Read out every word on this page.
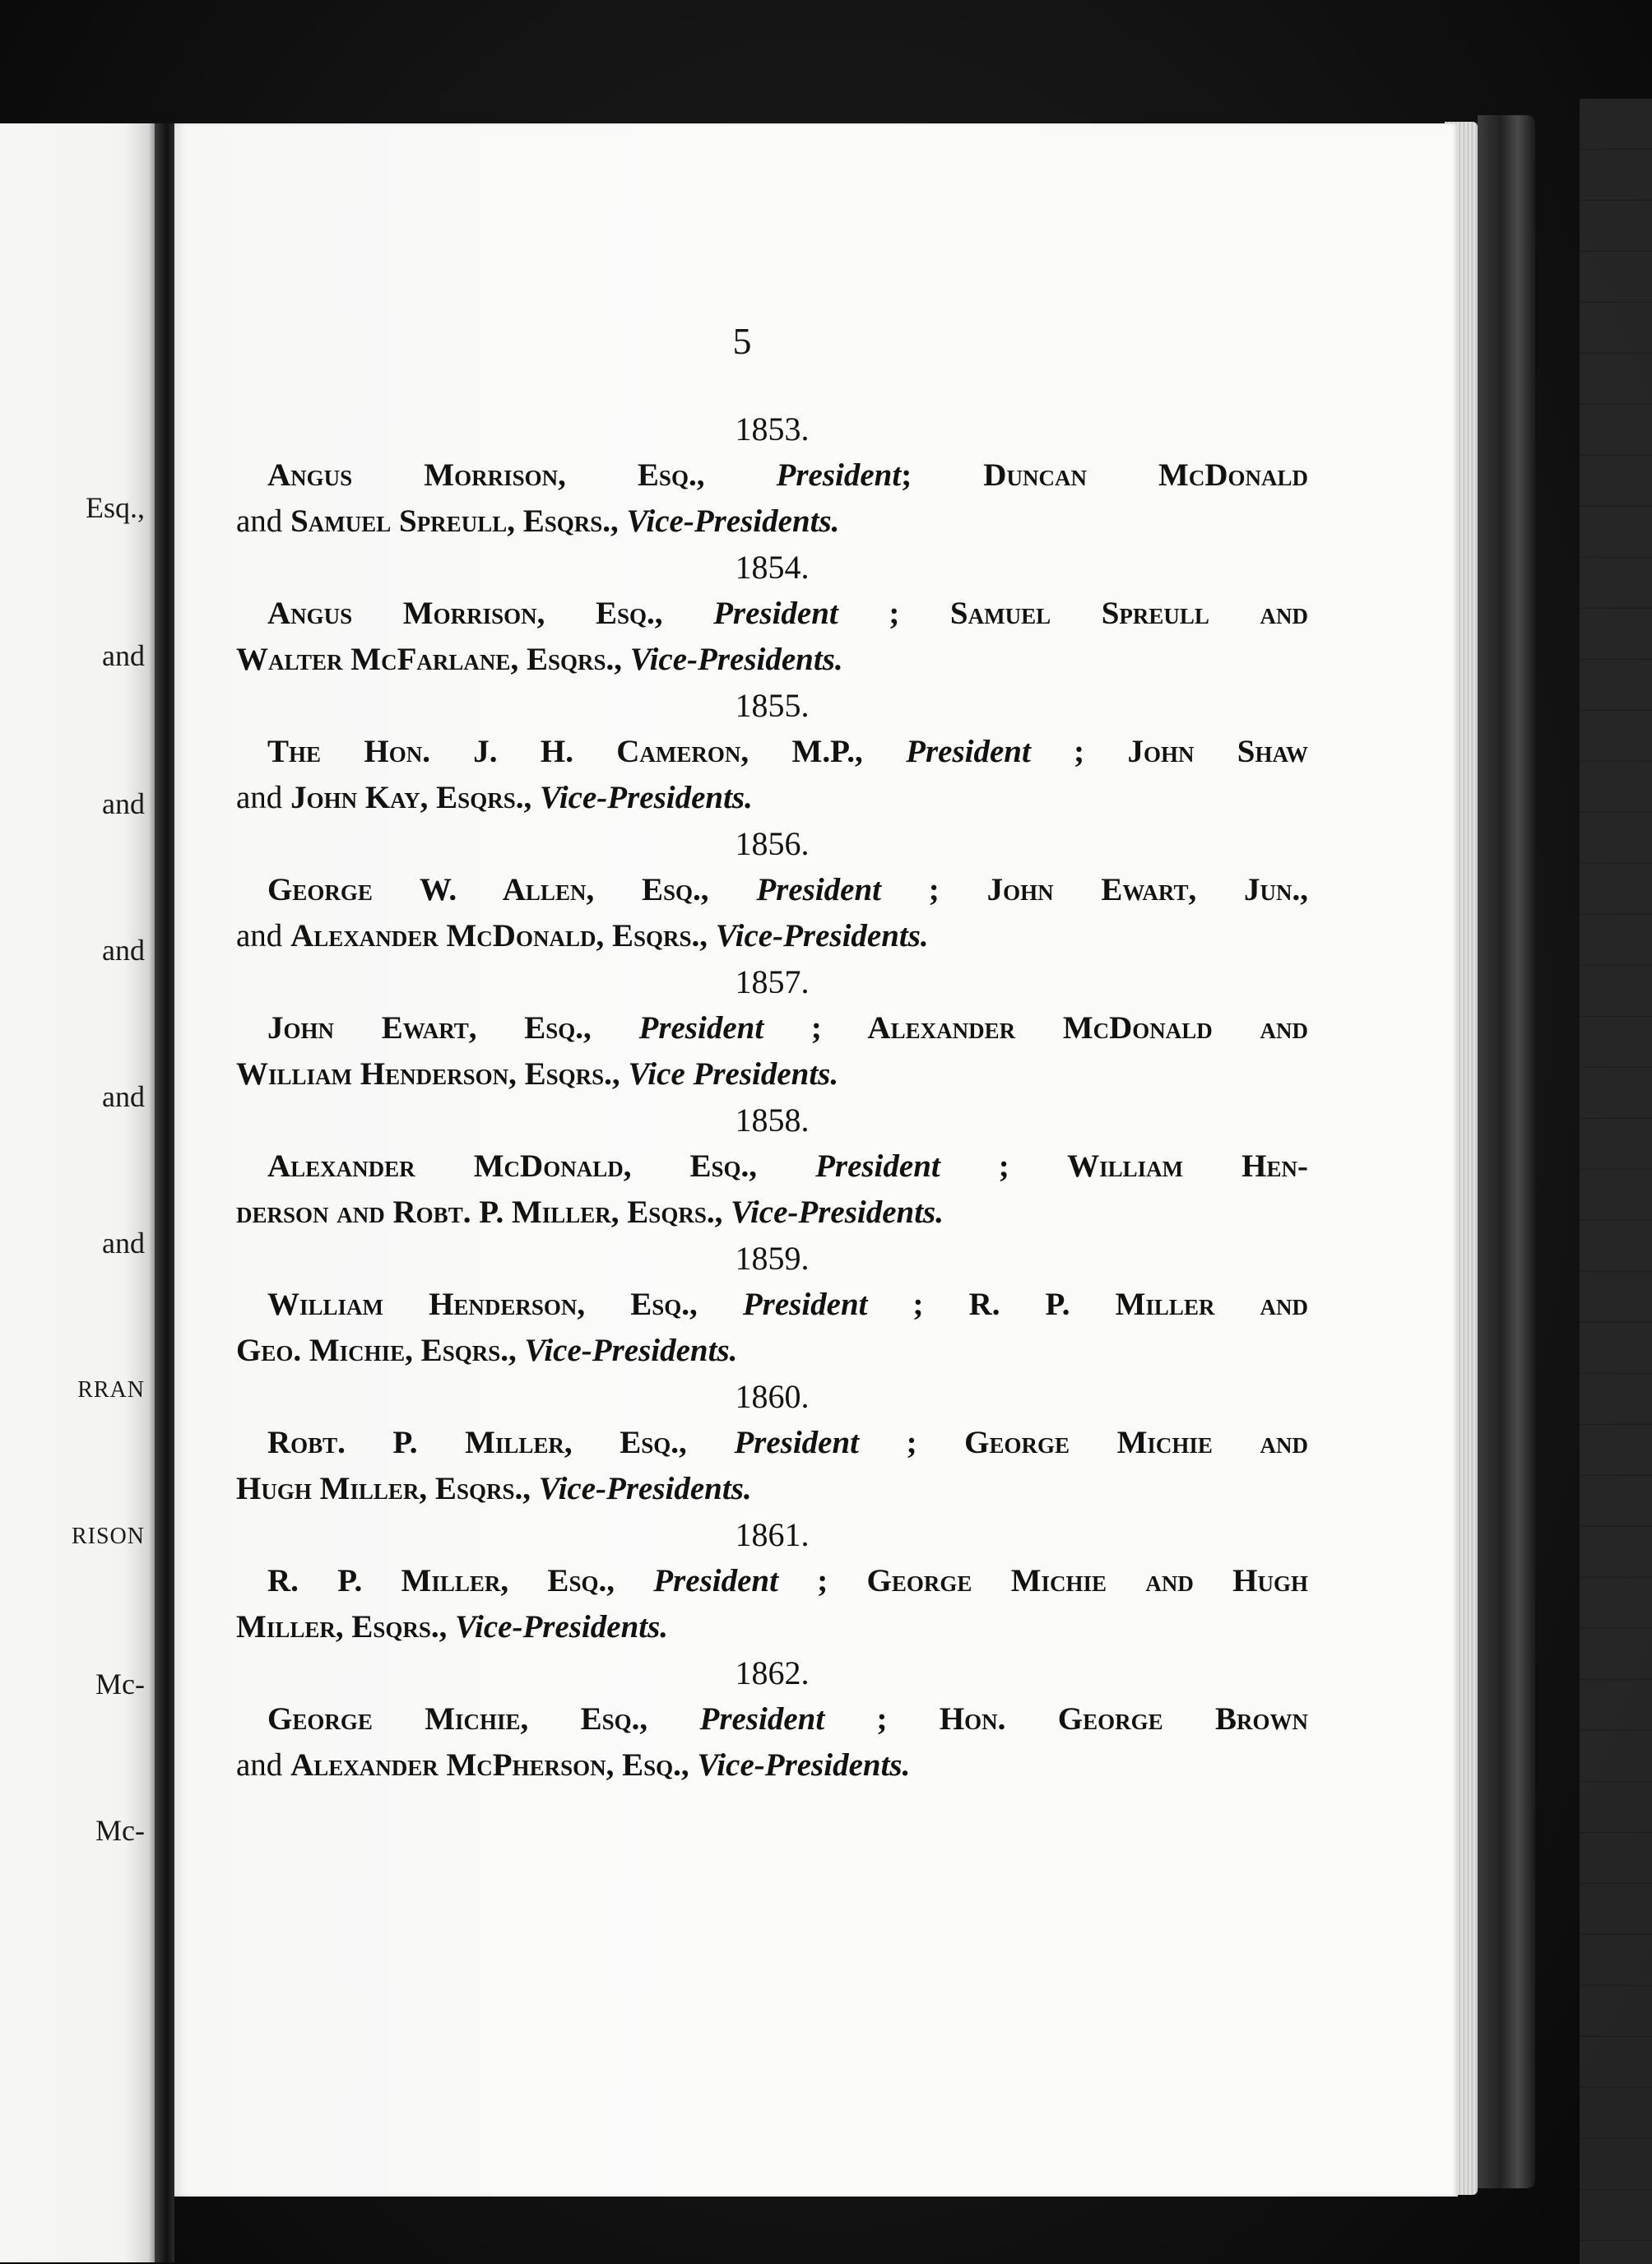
Esq.,
and
and
and
and
and
RRAN
RISON
Mc-
Mc-
5
1853.
Angus Morrison, Esq., President; Duncan McDonald
and Samuel Spreull, Esqrs., Vice-Presidents.
1854.
Angus Morrison, Esq., President ; Samuel Spreull and
Walter McFarlane, Esqrs., Vice-Presidents.
1855.
The Hon. J. H. Cameron, M.P., President ; John Shaw
and John Kay, Esqrs., Vice-Presidents.
1856.
George W. Allen, Esq., President ; John Ewart, Jun.,
and Alexander McDonald, Esqrs., Vice-Presidents.
1857.
John Ewart, Esq., President ; Alexander McDonald and
William Henderson, Esqrs., Vice Presidents.
1858.
Alexander McDonald, Esq., President ; William Hen-
derson and Robt. P. Miller, Esqrs., Vice-Presidents.
1859.
William Henderson, Esq., President ; R. P. Miller and
Geo. Michie, Esqrs., Vice-Presidents.
1860.
Robt. P. Miller, Esq., President ; George Michie and
Hugh Miller, Esqrs., Vice-Presidents.
1861.
R. P. Miller, Esq., President ; George Michie and Hugh
Miller, Esqrs., Vice-Presidents.
1862.
George Michie, Esq., President ; Hon. George Brown
and Alexander McPherson, Esq., Vice-Presidents.
